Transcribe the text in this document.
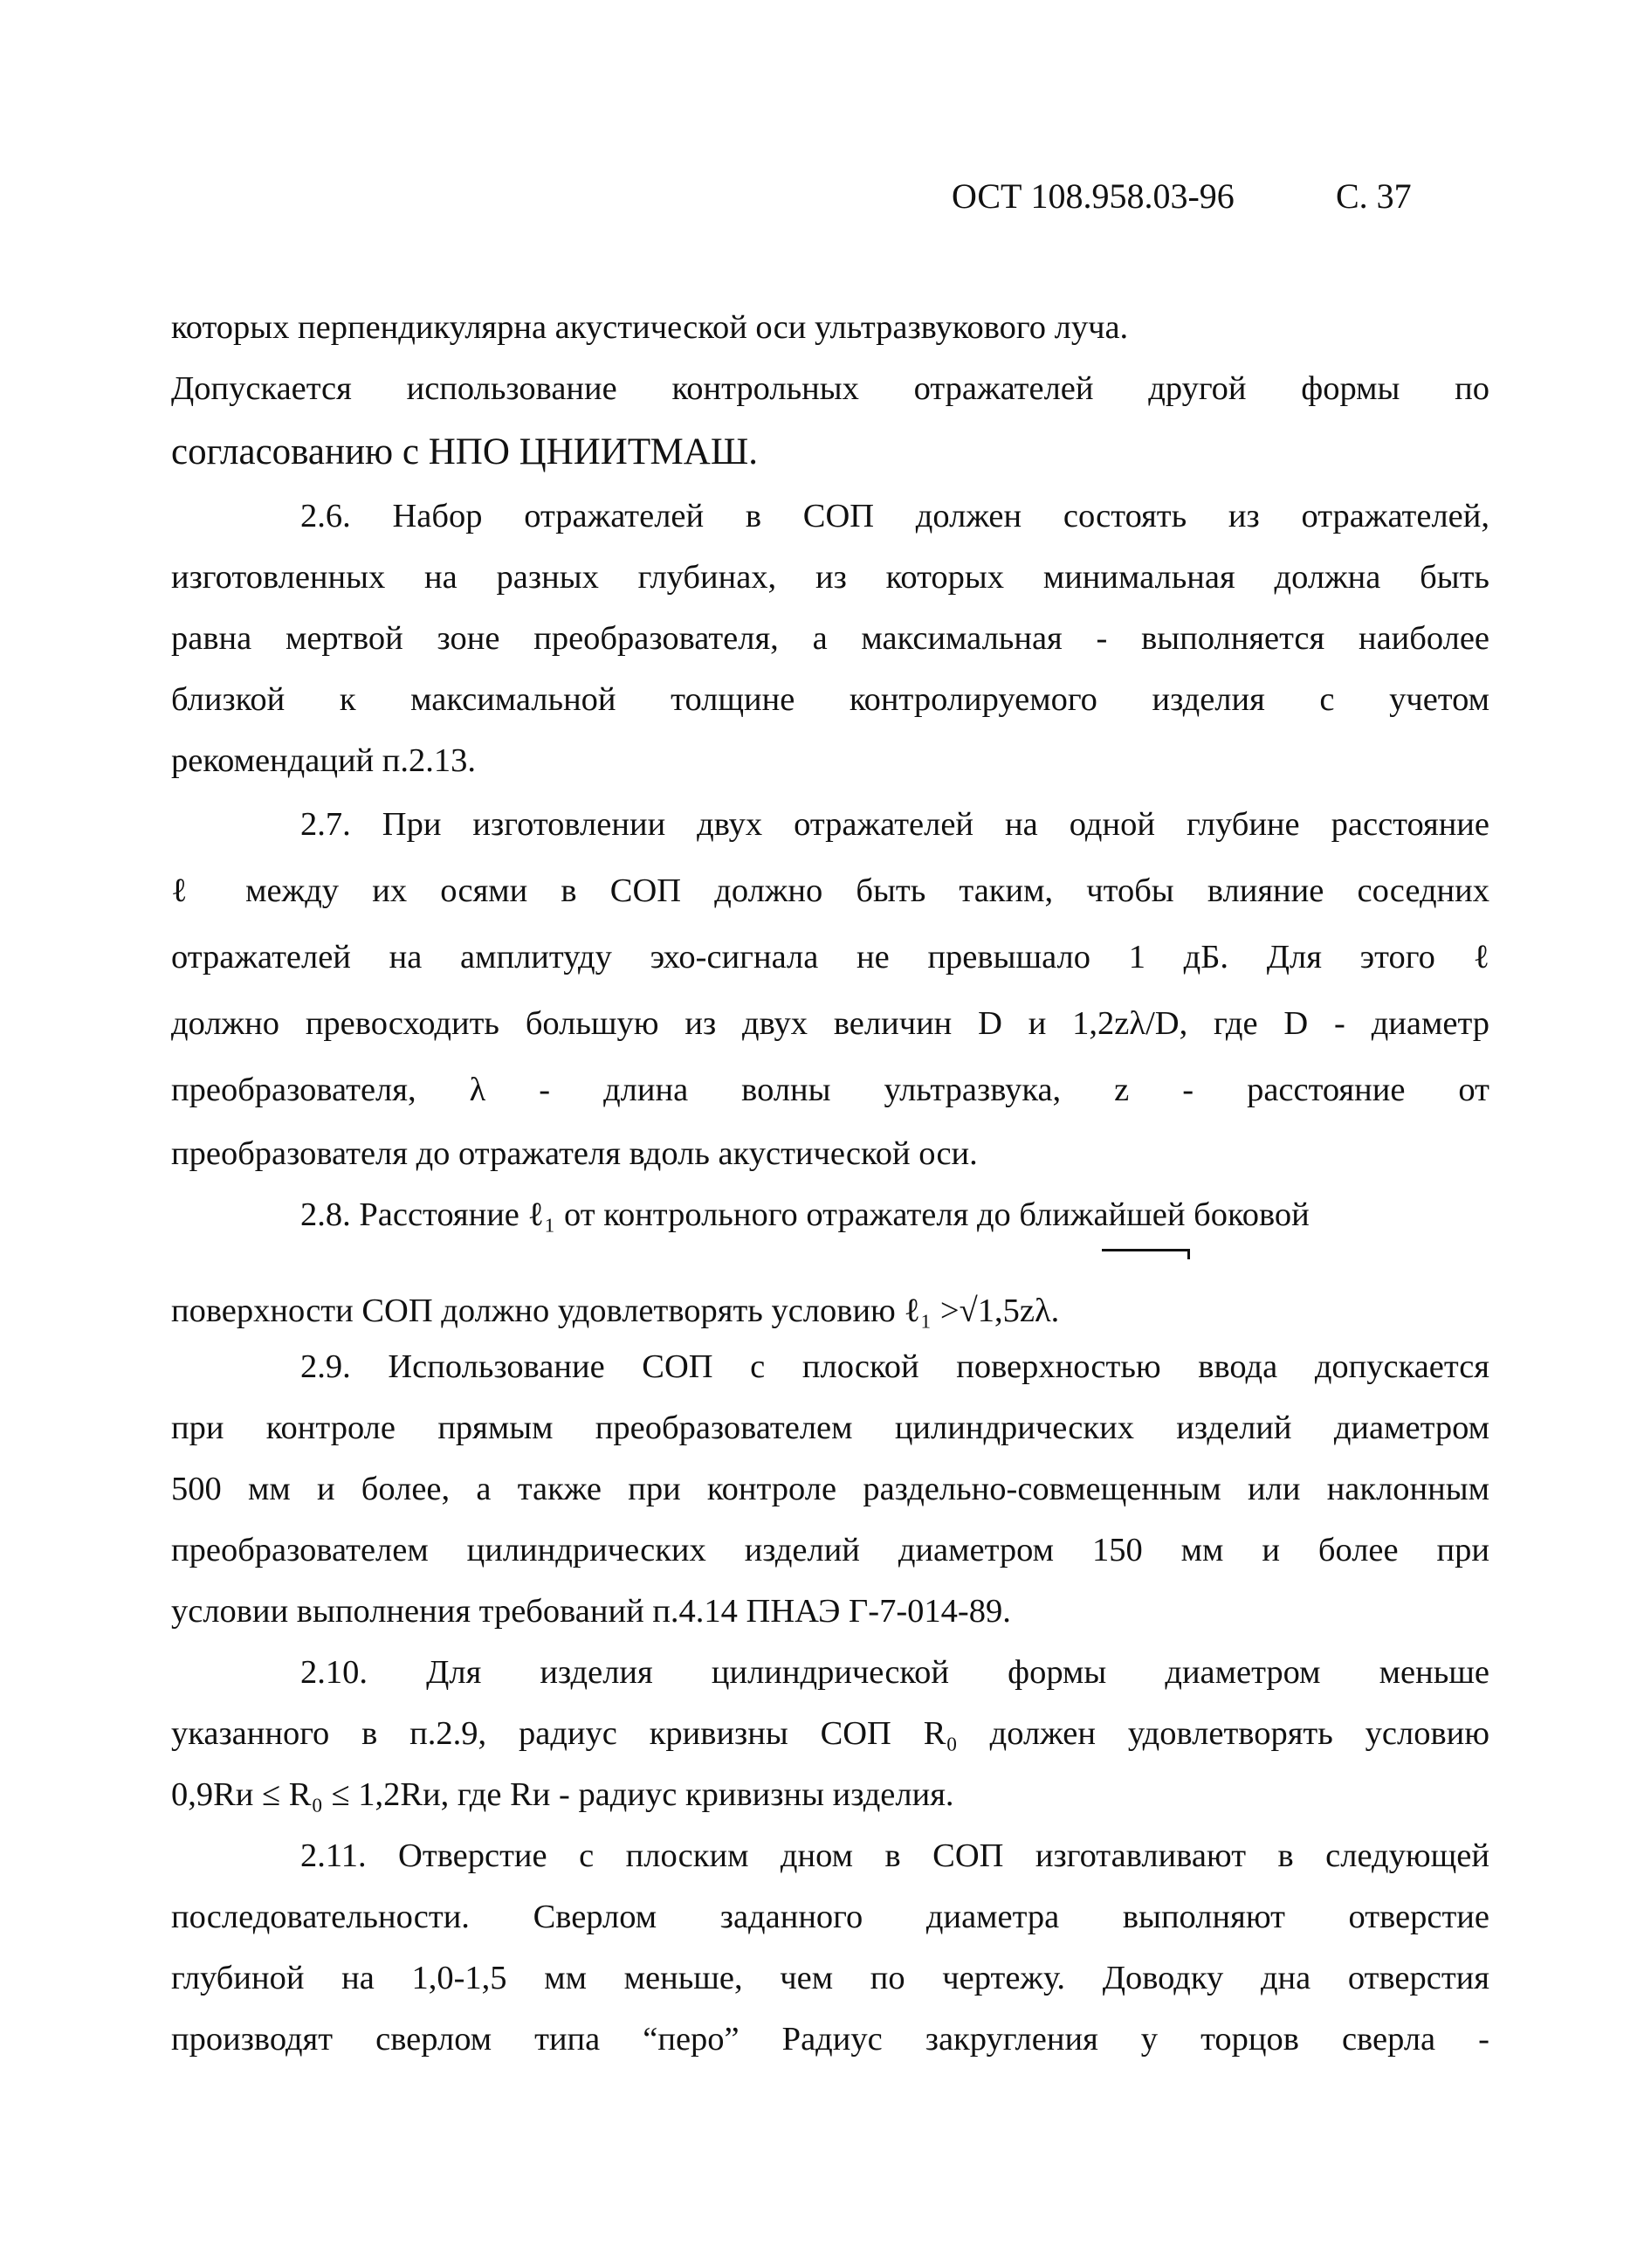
ОСТ 108.958.03-96	С. 37
которых перпендикулярна акустической оси ультразвукового луча.
Допускается использование контрольных отражателей другой формы по
согласованию с НПО ЦНИИТМАШ.
2.6. Набор отражателей в СОП должен состоять из отражателей,
изготовленных на разных глубинах, из которых минимальная должна быть
равна мертвой зоне преобразователя, а максимальная - выполняется наиболее
близкой к максимальной толщине контролируемого изделия с учетом
рекомендаций п.2.13.
2.7. При изготовлении двух отражателей на одной глубине расстояние
ℓ между их осями в СОП должно быть таким, чтобы влияние соседних
отражателей на амплитуду эхо-сигнала не превышало 1 дБ. Для этого ℓ
должно превосходить большую из двух величин D и 1,2zλ/D, где D - диаметр
преобразователя, λ - длина волны ультразвука, z - расстояние от
преобразователя до отражателя вдоль акустической оси.
2.8. Расстояние ℓ₁ от контрольного отражателя до ближайшей боковой
поверхности СОП должно удовлетворять условию ℓ₁ >√1,5zλ.
2.9. Использование СОП с плоской поверхностью ввода допускается
при контроле прямым преобразователем цилиндрических изделий диаметром
500 мм и более, а также при контроле раздельно-совмещенным или наклонным
преобразователем цилиндрических изделий диаметром 150 мм и более при
условии выполнения требований п.4.14 ПНАЭ Г-7-014-89.
2.10. Для изделия цилиндрической формы диаметром меньше
указанного в п.2.9, радиус кривизны СОП R₀ должен удовлетворять условию
0,9Rи ≤ R₀ ≤ 1,2Rи, где Rи - радиус кривизны изделия.
2.11. Отверстие с плоским дном в СОП изготавливают в следующей
последовательности. Сверлом заданного диаметра выполняют отверстие
глубиной на 1,0-1,5 мм меньше, чем по чертежу. Доводку дна отверстия
производят сверлом типа “перо” Радиус закругления у торцов сверла -
